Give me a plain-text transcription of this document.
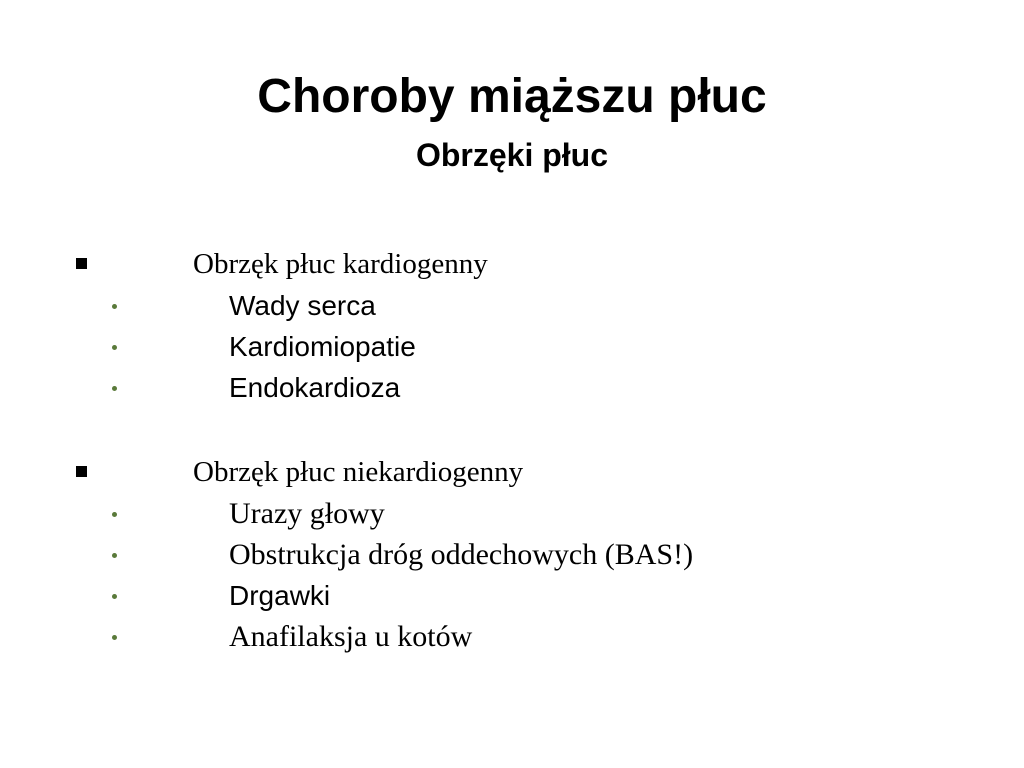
Choroby miąższu płuc
Obrzęki płuc
Obrzęk płuc kardiogenny
Wady serca
Kardiomiopatie
Endokardioza
Obrzęk płuc niekardiogenny
Urazy głowy
Obstrukcja dróg oddechowych (BAS!)
Drgawki
Anafilaksja u kotów
